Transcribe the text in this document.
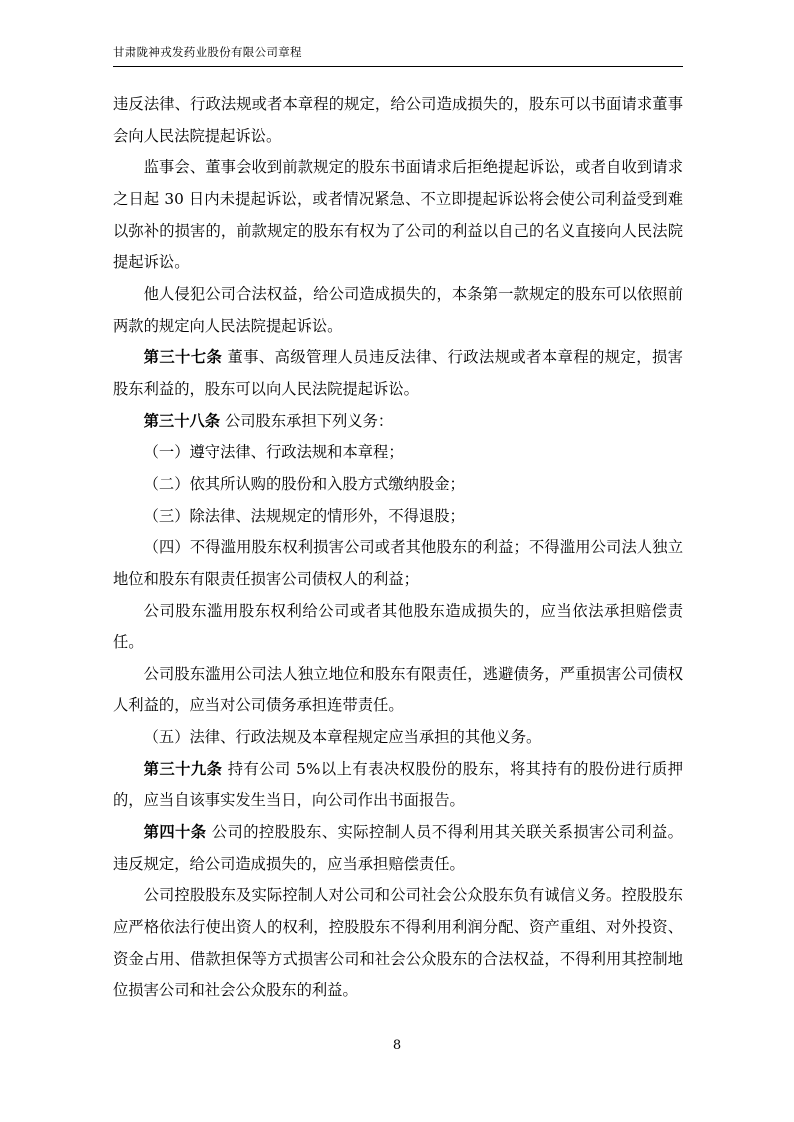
甘肃陇神戎发药业股份有限公司章程

违反法律、行政法规或者本章程的规定，给公司造成损失的，股东可以书面请求董事会向人民法院提起诉讼。

监事会、董事会收到前款规定的股东书面请求后拒绝提起诉讼，或者自收到请求之日起 30 日内未提起诉讼，或者情况紧急、不立即提起诉讼将会使公司利益受到难以弥补的损害的，前款规定的股东有权为了公司的利益以自己的名义直接向人民法院提起诉讼。

他人侵犯公司合法权益，给公司造成损失的，本条第一款规定的股东可以依照前两款的规定向人民法院提起诉讼。

第三十七条 董事、高级管理人员违反法律、行政法规或者本章程的规定，损害股东利益的，股东可以向人民法院提起诉讼。

第三十八条 公司股东承担下列义务：

（一）遵守法律、行政法规和本章程；

（二）依其所认购的股份和入股方式缴纳股金；

（三）除法律、法规规定的情形外，不得退股；

（四）不得滥用股东权利损害公司或者其他股东的利益；不得滥用公司法人独立地位和股东有限责任损害公司债权人的利益；

公司股东滥用股东权利给公司或者其他股东造成损失的，应当依法承担赔偿责任。

公司股东滥用公司法人独立地位和股东有限责任，逃避债务，严重损害公司债权人利益的，应当对公司债务承担连带责任。

（五）法律、行政法规及本章程规定应当承担的其他义务。

第三十九条 持有公司 5%以上有表决权股份的股东，将其持有的股份进行质押的，应当自该事实发生当日，向公司作出书面报告。

第四十条 公司的控股股东、实际控制人员不得利用其关联关系损害公司利益。违反规定，给公司造成损失的，应当承担赔偿责任。

公司控股股东及实际控制人对公司和公司社会公众股东负有诚信义务。控股股东应严格依法行使出资人的权利，控股股东不得利用利润分配、资产重组、对外投资、资金占用、借款担保等方式损害公司和社会公众股东的合法权益，不得利用其控制地位损害公司和社会公众股东的利益。

8
